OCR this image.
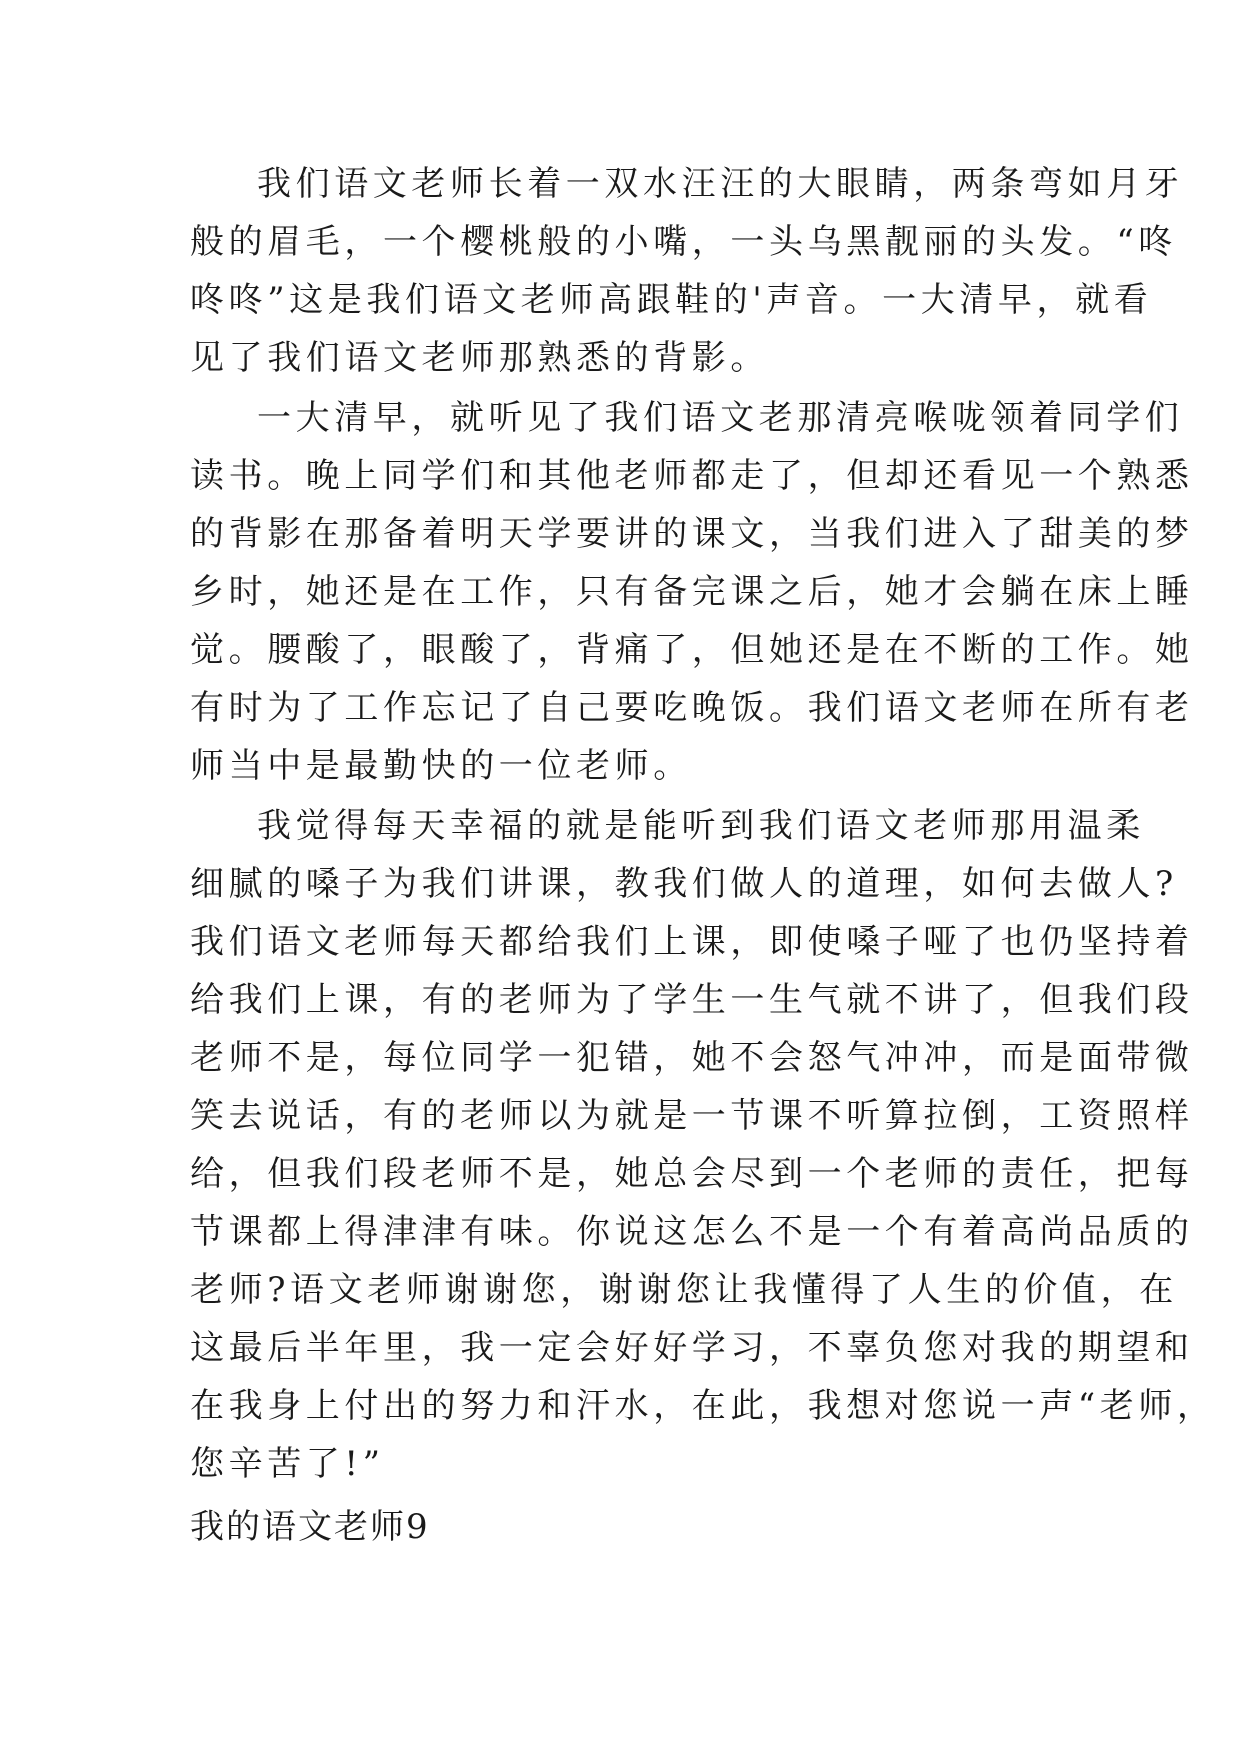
我们语文老师长着一双水汪汪的大眼睛，两条弯如月牙
般的眉毛，一个樱桃般的小嘴，一头乌黑靓丽的头发。“咚
咚咚”这是我们语文老师高跟鞋的'声音。一大清早，就看
见了我们语文老师那熟悉的背影。
一大清早，就听见了我们语文老那清亮喉咙领着同学们
读书。晚上同学们和其他老师都走了，但却还看见一个熟悉
的背影在那备着明天学要讲的课文，当我们进入了甜美的梦
乡时，她还是在工作，只有备完课之后，她才会躺在床上睡
觉。腰酸了，眼酸了，背痛了，但她还是在不断的工作。她
有时为了工作忘记了自己要吃晚饭。我们语文老师在所有老
师当中是最勤快的一位老师。
我觉得每天幸福的就是能听到我们语文老师那用温柔
细腻的嗓子为我们讲课，教我们做人的道理，如何去做人?
我们语文老师每天都给我们上课，即使嗓子哑了也仍坚持着
给我们上课，有的老师为了学生一生气就不讲了，但我们段
老师不是，每位同学一犯错，她不会怒气冲冲，而是面带微
笑去说话，有的老师以为就是一节课不听算拉倒，工资照样
给，但我们段老师不是，她总会尽到一个老师的责任，把每
节课都上得津津有味。你说这怎么不是一个有着高尚品质的
老师?语文老师谢谢您，谢谢您让我懂得了人生的价值，在
这最后半年里，我一定会好好学习，不辜负您对我的期望和
在我身上付出的努力和汗水，在此，我想对您说一声“老师，
您辛苦了!”
我的语文老师9
